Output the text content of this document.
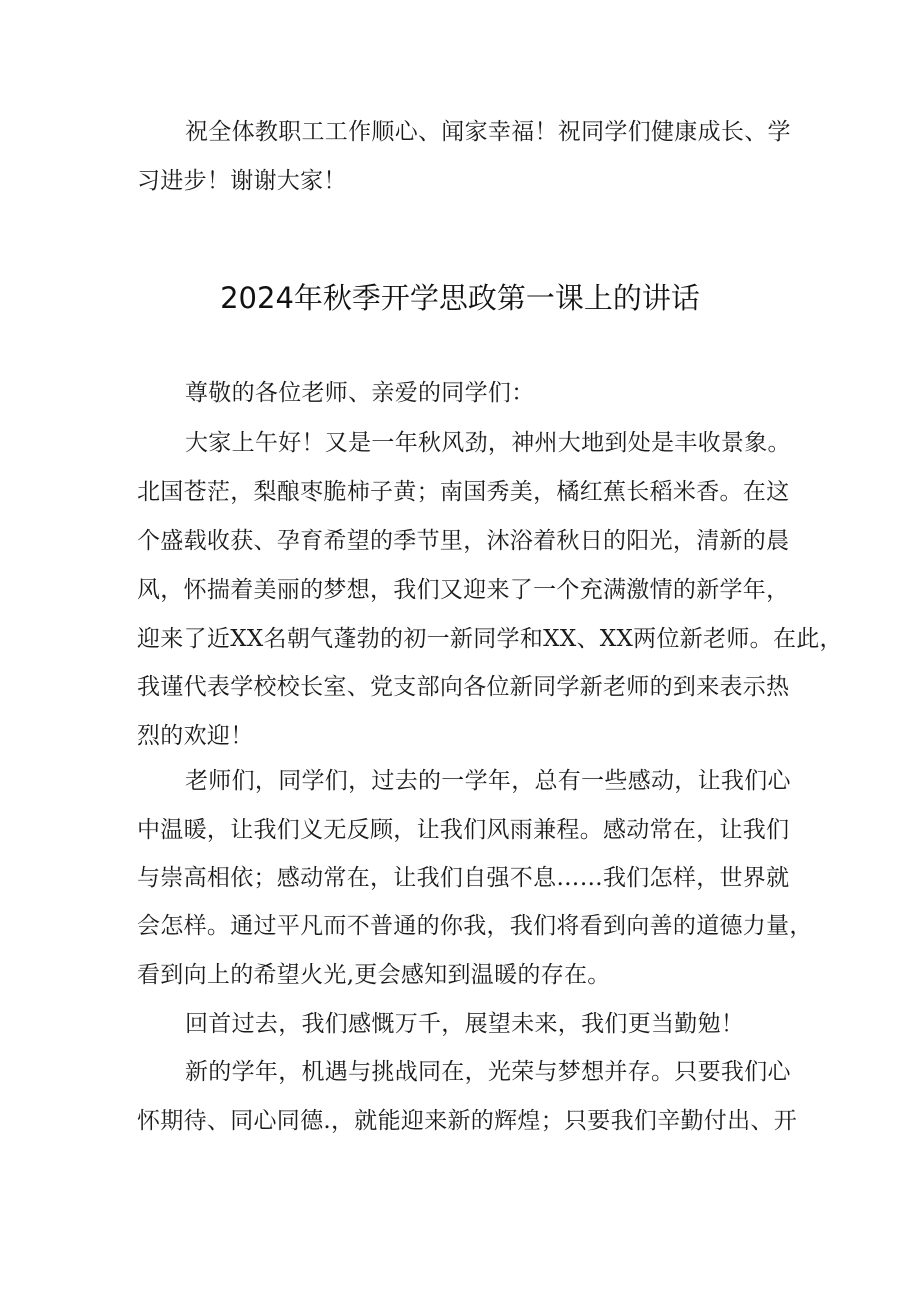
祝全体教职工工作顺心、闻家幸福！祝同学们健康成长、学
习进步！谢谢大家！
2024年秋季开学思政第一课上的讲话
尊敬的各位老师、亲爱的同学们：
大家上午好！又是一年秋风劲，神州大地到处是丰收景象。
北国苍茫，梨酿枣脆柿子黄；南国秀美，橘红蕉长稻米香。在这
个盛载收获、孕育希望的季节里，沐浴着秋日的阳光，清新的晨
风，怀揣着美丽的梦想，我们又迎来了一个充满激情的新学年，
迎来了近XX名朝气蓬勃的初一新同学和XX、XX两位新老师。在此，
我谨代表学校校长室、党支部向各位新同学新老师的到来表示热
烈的欢迎！
老师们，同学们，过去的一学年，总有一些感动，让我们心
中温暖，让我们义无反顾，让我们风雨兼程。感动常在，让我们
与崇高相依；感动常在，让我们自强不息……我们怎样，世界就
会怎样。通过平凡而不普通的你我，我们将看到向善的道德力量，
看到向上的希望火光,更会感知到温暖的存在。
回首过去，我们感慨万千，展望未来，我们更当勤勉！
新的学年，机遇与挑战同在，光荣与梦想并存。只要我们心
怀期待、同心同德.，就能迎来新的辉煌；只要我们辛勤付出、开
